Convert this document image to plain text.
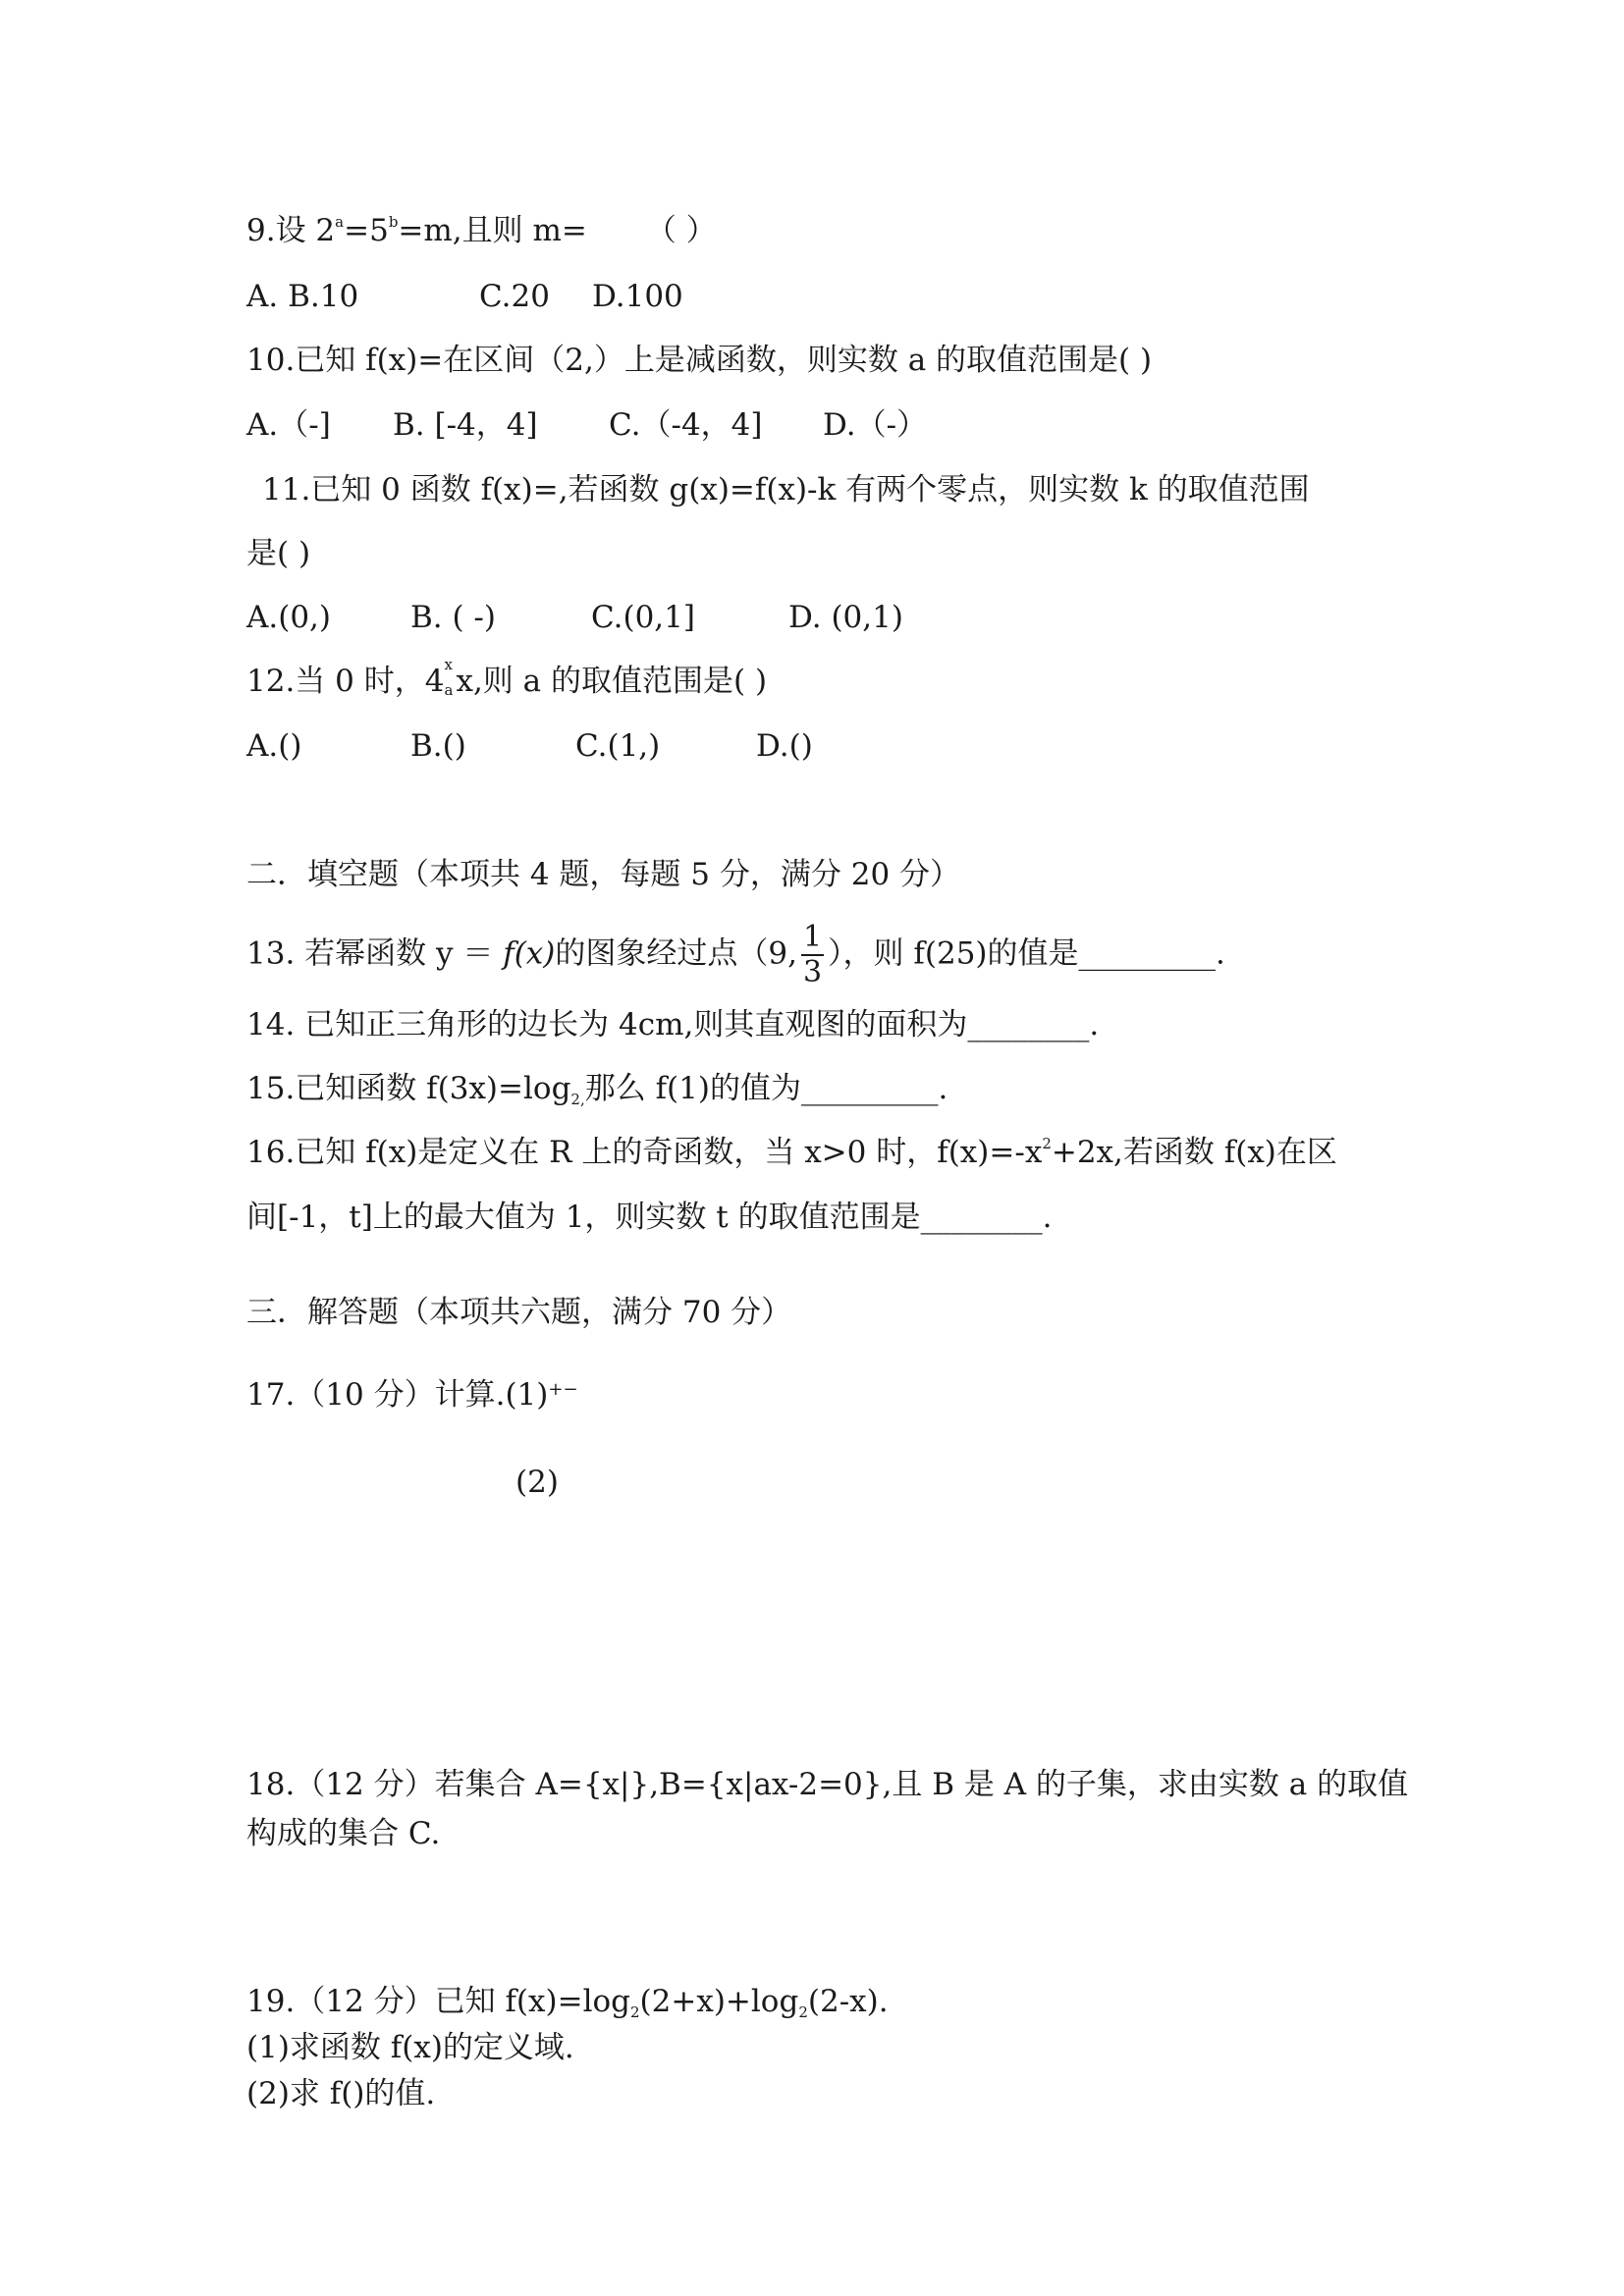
9.设 $2^a=5^b=m$,且则 m= （ ）
A. B.10	C.20 D.100
10.已知 f(x)=在区间（2,）上是减函数，则实数 a 的取值范围是( )
A.（-] B. [-4，4] C.（-4，4] D.（-）
11.已知 0 函数 f(x)=,若函数 g(x)=f(x)-k 有两个零点，则实数 k 的取值范围
是( )
A.(0,)	B. ( -)	C.(0,1]	D. (0,1)
12.当 0 时，4 x
a x,则 a 的取值范围是( )
A.()	B.()	C.(1,)	D.()
二．填空题（本项共 4 题，每题 5 分，满分 20 分）
13. 若幂函数 y ＝ f(x)的图象经过点（9, $\frac{1}{3}$ ），则 f(25)的值是_________.
14. 已知正三角形的边长为 4cm,则其直观图的面积为________.
15.已知函数 $f(3x)=\log_{2,}$那么 f(1)的值为_________.
16.已知 f(x)是定义在 R 上的奇函数，当 x>0 时，$f(x)=-x^2+2x$,若函数 f(x)在区
间[-1，t]上的最大值为 1，则实数 t 的取值范围是________.
三．解答题（本项共六题，满分 70 分）
17.（10 分）计算.(1)+−
(2)
18.（12 分）若集合 A={x|},B={x|ax-2=0},且 B 是 A 的子集，求由实数 a 的取值
构成的集合 C.
19.（12 分）已知 $f(x)=\log_2(2+x)+\log_2(2-x)$.
(1)求函数 f(x)的定义域.
(2)求 f()的值.
